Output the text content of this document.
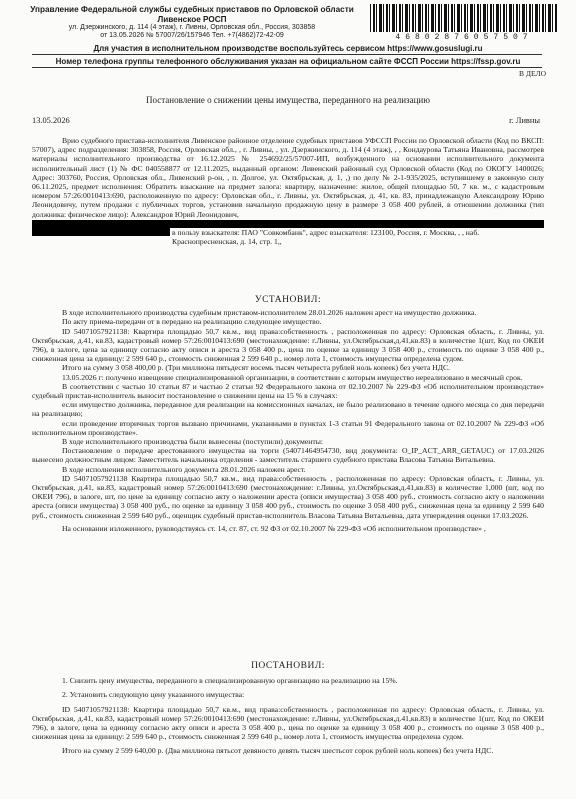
Управление Федеральной службы судебных приставов по Орловской области
Ливенское РОСП
ул. Дзержинского, д. 114 (4 этаж), г. Ливны, Орловская обл., Россия, 303858
от 13.05.2026 № 57007/26/157946 Тел. +7(4862)72-42-09	46802876057507
Для участия в исполнительном производстве воспользуйтесь сервисом https://www.gosuslugi.ru
Номер телефона группы телефонного обслуживания указан на официальном сайте ФССП России https://fssp.gov.ru
В ДЕЛО
Постановление о снижении цены имущества, переданного на реализацию
13.05.2026	г. Ливны

Врио судебного пристава-исполнителя Ливенское районное отделение судебных приставов УФССП России по Орловской области (Код по ВКСП: 57007), адрес подразделения: 303858, Россия, Орловская обл., , г. Ливны, , ул. Дзержинского, д. 114 (4 этаж), , , Кондаурова Татьяна Ивановна, рассмотрев материалы исполнительного производства от 16.12.2025 № 254692/25/57007-ИП, возбужденного на основании исполнительного документа исполнительный лист (1) № ФС 040558877 от 12.11.2025, выданный органом: Ливенский районный суд Орловской области (Код по ОКОГУ 1400026; Адрес: 303760, Россия, Орловская обл., Ливенский р-он, , п. Долгое, ул. Октябрьская, д. 1, ,) по делу № 2-1-935/2025, вступившему в законную силу 06.11.2025, предмет исполнения: Обратить взыскание на предмет залога: квартиру, назначение: жилое, общей площадью 50, 7 кв. м., с кадастровым номером 57:26:0010413:690, расположенную по адресу: Орловская обл., г. Ливны, ул. Октябрьская, д. 41, кв. 83, принадлежащую Александрову Юрию Леонидовичу, путем продажи с публичных торгов, установив начальную продажную цену в размере 3 058 400 рублей, в отношении должника (тип должника: физическое лицо): Александров Юрий Леонидович,

в пользу взыскателя: ПАО "Совкомбанк", адрес взыскателя: 123100, Россия, г. Москва, , , наб. Краснопресненская, д. 14, стр. 1,,

УСТАНОВИЛ:

В ходе исполнительного производства судебным приставом-исполнителем 28.01.2026 наложен арест на имущество должника.

По акту приема-передачи от в передано на реализацию следующее имущество.

ID 54071057921138: Квартира площадью 50,7 кв.м., вид права:собственность , расположенная по адресу: Орловская область, г. Ливны, ул. Октябрьская, д.41, кв.83, кадастровый номер 57:26:0010413:690 (местонахождение: г.Ливны, ул.Октябрьская,д.41,кв.83) в количестве 1(шт, Код по ОКЕИ 796), в залоге, цена за единицу согласно акту описи и ареста 3 058 400 р., цена по оценке за единицу 3 058 400 р., стоимость по оценке 3 058 400 р., сниженная цена за единицу: 2 599 640 р., стоимость сниженная 2 599 640 р., номер лота 1, стоимость имущества определена судом.

Итого на сумму 3 058 400,00 р. (Три миллиона пятьдесят восемь тысяч четыреста рублей ноль копеек) без учета НДС.

13.05.2026 г: получено извещение специализированной организации, в соответствии с которым имущество нереализовано в месячный срок.

В соответствии с частью 10 статьи 87 и частью 2 статьи 92 Федерального закона от 02.10.2007 № 229-ФЗ «Об исполнительном производстве» судебный пристав-исполнитель выносит постановление о снижении цены на 15 % в случаях:

если имущество должника, переданное для реализации на комиссионных началах, не было реализовано в течение одного месяца со дня передачи на реализацию;

если проведение вторичных торгов вызвано причинами, указанными в пунктах 1-3 статьи 91 Федерального закона от 02.10.2007 № 229-ФЗ «Об исполнительном производстве».

В ходе исполнительного производства были вынесены (поступили) документы:

Постановление о передаче арестованного имущества на торги (54071464954730, вид документа: O_IP_ACT_ARR_GETAUC) от 17.03.2026 вынесено должностным лицом: Заместитель начальника отделения - заместитель старшего судебного пристава Власова Татьяна Витальевна.

В ходе исполнения исполнительного документа 28.01.2026 наложен арест.

ID 54071057921138 Квартира площадью 50,7 кв.м., вид права:собственность , расположенная по адресу: Орловская область, г. Ливны, ул. Октябрьская, д.41, кв.83, кадастровый номер 57:26:0010413:690 (местонахождение: г.Ливны, ул.Октябрьская,д.41,кв.83) в количестве 1,000 (шт, код по ОКЕИ 796), в залоге, шт, по цене за единицу согласно акту о наложении ареста (описи имущества) 3 058 400 руб., стоимость согласно акту о наложении ареста (описи имущества) 3 058 400 руб., по оценке за единицу 3 058 400 руб., стоимость по оценке 3 058 400 руб., сниженная цена за единицу 2 599 640 руб., стоимость сниженная 2 599 640 руб., оценщик судебный пристав-исполнитель Власова Татьяна Витальевна, дата утверждения оценки 17.03.2026.

На основании изложенного, руководствуясь ст. 14, ст. 87, ст. 92 ФЗ от 02.10.2007 № 229-ФЗ «Об исполнительном производстве» ,

ПОСТАНОВИЛ:

1. Снизить цену имущества, переданного в специализированную организацию на реализацию на 15%.

2. Установить следующую цену указанного имущества:

ID 54071057921138: Квартира площадью 50,7 кв.м., вид права:собственность , расположенная по адресу: Орловская область, г. Ливны, ул. Октябрьская, д.41, кв.83, кадастровый номер 57:26:0010413:690 (местонахождение: г.Ливны, ул.Октябрьская,д.41,кв.83) в количестве 1(шт, Код по ОКЕИ 796), в залоге, цена за единицу согласно акту описи и ареста 3 058 400 р., цена по оценке за единицу 3 058 400 р., стоимость по оценке 3 058 400 р., сниженная цена за единицу: 2 599 640 р., стоимость сниженная 2 599 640 р., номер лота 1, стоимость имущества определена судом.

Итого на сумму 2 599 640,00 р. (Два миллиона пятьсот девяносто девять тысяч шестьсот сорок рублей ноль копеек) без учета НДС.
